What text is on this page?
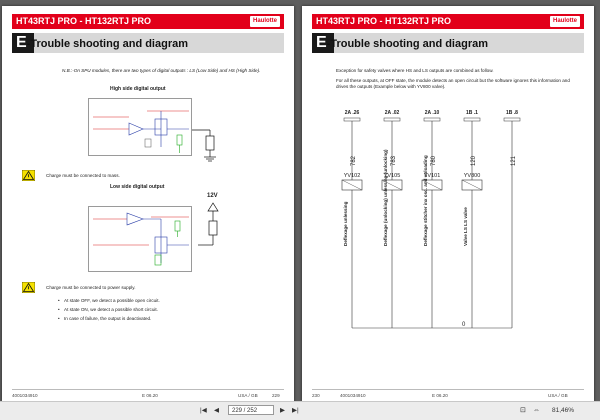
HT43RTJ PRO - HT132RTJ PRO	Haulotte
E-Trouble shooting and diagram
N.B.:-On SPU modules, there are two types of digital outputs : LS (Low Side) and HS (High Side).
High side digital output
Charge must be connected to mass.
Low side digital output
12V
Charge must be connected to power supply.
• At state OFF, we detect a possible open circuit.
• At state ON, we detect a possible short circuit.
• In case of failure, the output is deactivated.
4001034910	E 06.20	USA / GB	229
HT43RTJ PRO - HT132RTJ PRO	Haulotte
E-Trouble shooting and diagram
Exception for safety valves where HS and LS outputs are combined as follow.
For all these outputs, at OFF state, the module detects an open circuit but the software ignores this information and drives the outputs (Example below with YV800 valve).
2A .26
782
YV102
Deflexage unlessing
2A .02
783
YV105
Deflexage (unlocking) unlessing (unlocking)
2A .10
780
YV101
Deflexage stitcher inx osc. and unloading
1B .1
120
YV800
Valve LS LS valve
1B .8
121
0
230	4001034910	E 06.20	USA / GB
|◀ ◀	229 / 252	▶ ▶|	⊡ ⇔ 81,46%
